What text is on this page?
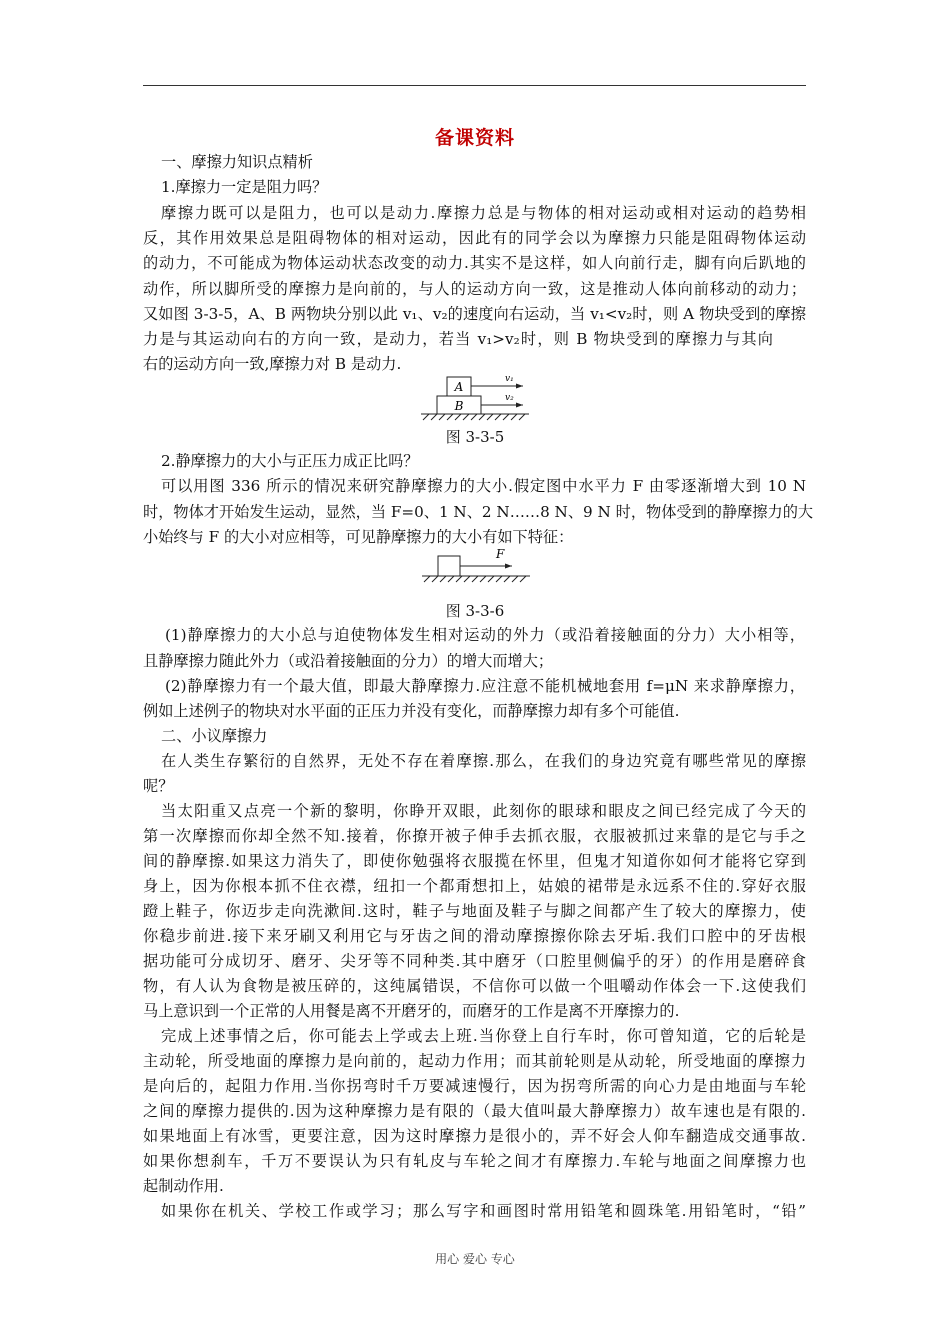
备课资料
一、摩擦力知识点精析
1.摩擦力一定是阻力吗？
摩擦力既可以是阻力，也可以是动力.摩擦力总是与物体的相对运动或相对运动的趋势相
反，其作用效果总是阻碍物体的相对运动，因此有的同学会以为摩擦力只能是阻碍物体运动
的动力，不可能成为物体运动状态改变的动力.其实不是这样，如人向前行走，脚有向后趴地的
动作，所以脚所受的摩擦力是向前的，与人的运动方向一致，这是推动人体向前移动的动力；
又如图 3-3-5，A、B 两物块分别以此 v₁、v₂的速度向右运动，当 v₁<v₂时，则 A 物块受到的摩擦
力是与其运动向右的方向一致，是动力，若当 v₁>v₂时，则 B 物块受到的摩擦力与其向
右的运动方向一致,摩擦力对 B 是动力.
A
B
v₁
v₂
图 3-3-5
2.静摩擦力的大小与正压力成正比吗？
可以用图 336 所示的情况来研究静摩擦力的大小.假定图中水平力 F 由零逐渐增大到 10 N
时，物体才开始发生运动，显然，当 F=0、1 N、2 N……8 N、9 N 时，物体受到的静摩擦力的大
小始终与 F 的大小对应相等，可见静摩擦力的大小有如下特征：
F
图 3-3-6
(1)静摩擦力的大小总与迫使物体发生相对运动的外力（或沿着接触面的分力）大小相等，
且静摩擦力随此外力（或沿着接触面的分力）的增大而增大；
(2)静摩擦力有一个最大值，即最大静摩擦力.应注意不能机械地套用 f=μN 来求静摩擦力，
例如上述例子的物块对水平面的正压力并没有变化，而静摩擦力却有多个可能值.
二、小议摩擦力
在人类生存繁衍的自然界，无处不存在着摩擦.那么，在我们的身边究竟有哪些常见的摩擦
呢？
当太阳重又点亮一个新的黎明，你睁开双眼，此刻你的眼球和眼皮之间已经完成了今天的
第一次摩擦而你却全然不知.接着，你撩开被子伸手去抓衣服，衣服被抓过来靠的是它与手之
间的静摩擦.如果这力消失了，即使你勉强将衣服揽在怀里，但鬼才知道你如何才能将它穿到
身上，因为你根本抓不住衣襟，纽扣一个都甭想扣上，姑娘的裙带是永远系不住的.穿好衣服
蹬上鞋子，你迈步走向洗漱间.这时，鞋子与地面及鞋子与脚之间都产生了较大的摩擦力，使
你稳步前进.接下来牙刷又利用它与牙齿之间的滑动摩擦擦你除去牙垢.我们口腔中的牙齿根
据功能可分成切牙、磨牙、尖牙等不同种类.其中磨牙（口腔里侧偏乎的牙）的作用是磨碎食
物，有人认为食物是被压碎的，这纯属错误，不信你可以做一个咀嚼动作体会一下.这使我们
马上意识到一个正常的人用餐是离不开磨牙的，而磨牙的工作是离不开摩擦力的.
完成上述事情之后，你可能去上学或去上班.当你登上自行车时，你可曾知道，它的后轮是
主动轮，所受地面的摩擦力是向前的，起动力作用；而其前轮则是从动轮，所受地面的摩擦力
是向后的，起阻力作用.当你拐弯时千万要减速慢行，因为拐弯所需的向心力是由地面与车轮
之间的摩擦力提供的.因为这种摩擦力是有限的（最大值叫最大静摩擦力）故车速也是有限的.
如果地面上有冰雪，更要注意，因为这时摩擦力是很小的，弄不好会人仰车翻造成交通事故.
如果你想刹车，千万不要误认为只有轧皮与车轮之间才有摩擦力.车轮与地面之间摩擦力也
起制动作用.
如果你在机关、学校工作或学习；那么写字和画图时常用铅笔和圆珠笔.用铅笔时，“铅”
用心 爱心 专心
